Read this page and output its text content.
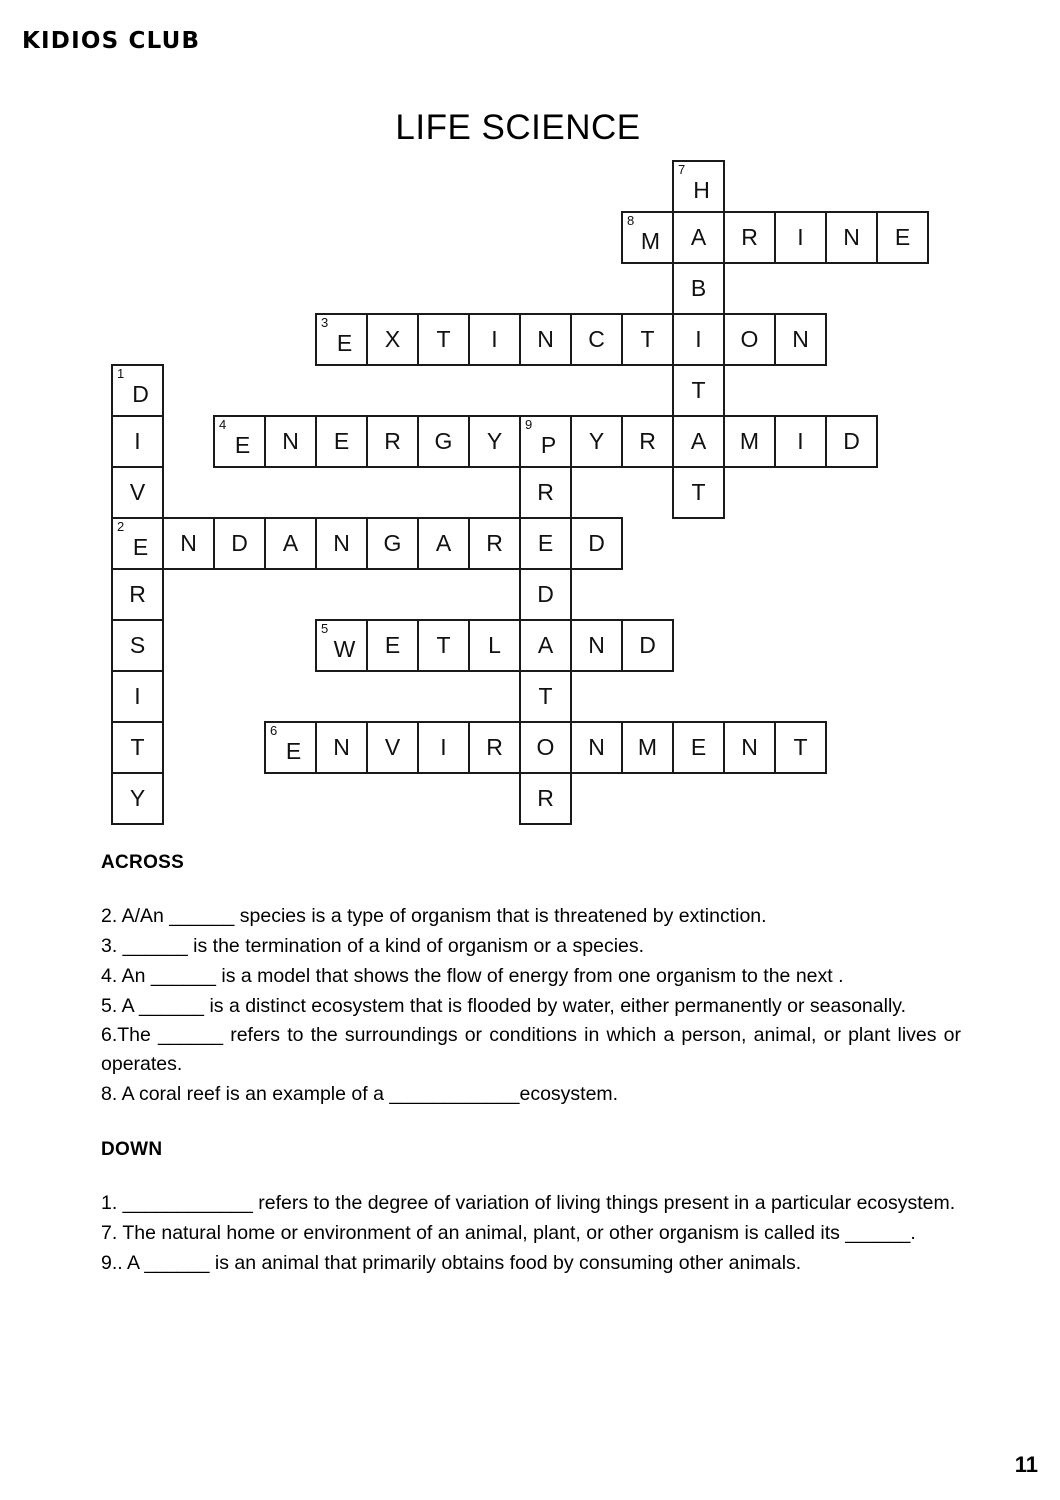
KIDIOS CLUB
LIFE SCIENCE
7
H
8
M A R I N E
B
3
E X T I N C T I O N
1
D	T
I
4
E N E R G Y
9
P Y R A M I D
V	R	T
2
E N D A N G A R E D
R	D
S
5
W E T L A N D
I	T
T
6
E N V I R O N M E N T
Y	R
ACROSS
2. A/An ______ species is a type of organism that is threatened by extinction.
3. ______ is the termination of a kind of organism or a species.
4. An ______ is a model that shows the flow of energy from one organism to the next .
5. A ______ is a distinct ecosystem that is flooded by water, either permanently or seasonally.
6.The ______ refers to the surroundings or conditions in which a person, animal, or plant lives or operates.
8. A coral reef is an example of a ____________ecosystem.
DOWN
1. ____________ refers to the degree of variation of living things present in a particular ecosystem.
7. The natural home or environment of an animal, plant, or other organism is called its ______.
9.. A ______ is an animal that primarily obtains food by consuming other animals.
11
